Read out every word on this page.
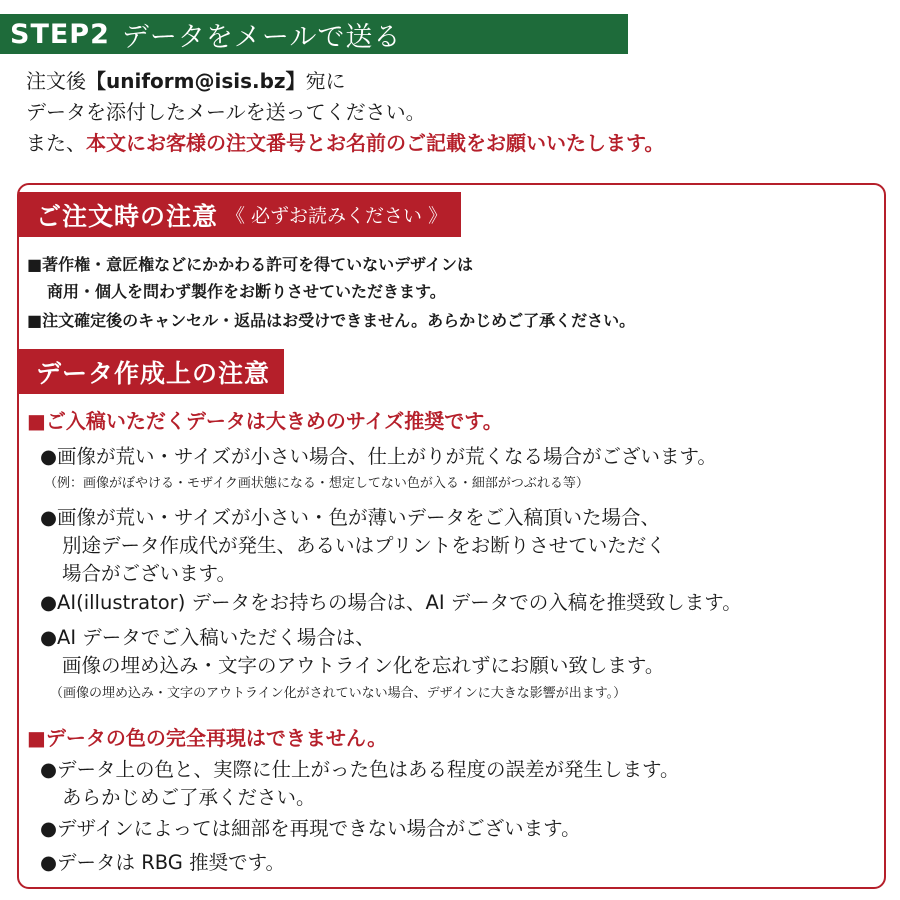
STEP2 データをメールで送る
注文後【uniform@isis.bz】宛に
データを添付したメールを送ってください。
また、本文にお客様の注文番号とお名前のご記載をお願いいたします。
ご注文時の注意 《 必ずお読みください 》
■著作権・意匠権などにかかわる許可を得ていないデザインは
商用・個人を問わず製作をお断りさせていただきます。
■注文確定後のキャンセル・返品はお受けできません。あらかじめご了承ください。
データ作成上の注意
■ご入稿いただくデータは大きめのサイズ推奨です。
●画像が荒い・サイズが小さい場合、仕上がりが荒くなる場合がございます。
（例：画像がぼやける・モザイク画状態になる・想定してない色が入る・細部がつぶれる等）
●画像が荒い・サイズが小さい・色が薄いデータをご入稿頂いた場合、
別途データ作成代が発生、あるいはプリントをお断りさせていただく
場合がございます。
●AI(illustrator) データをお持ちの場合は、AI データでの入稿を推奨致します。
●AI データでご入稿いただく場合は、
画像の埋め込み・文字のアウトライン化を忘れずにお願い致します。
（画像の埋め込み・文字のアウトライン化がされていない場合、デザインに大きな影響が出ます。）
■データの色の完全再現はできません。
●データ上の色と、実際に仕上がった色はある程度の誤差が発生します。
あらかじめご了承ください。
●デザインによっては細部を再現できない場合がございます。
●データは RBG 推奨です。
